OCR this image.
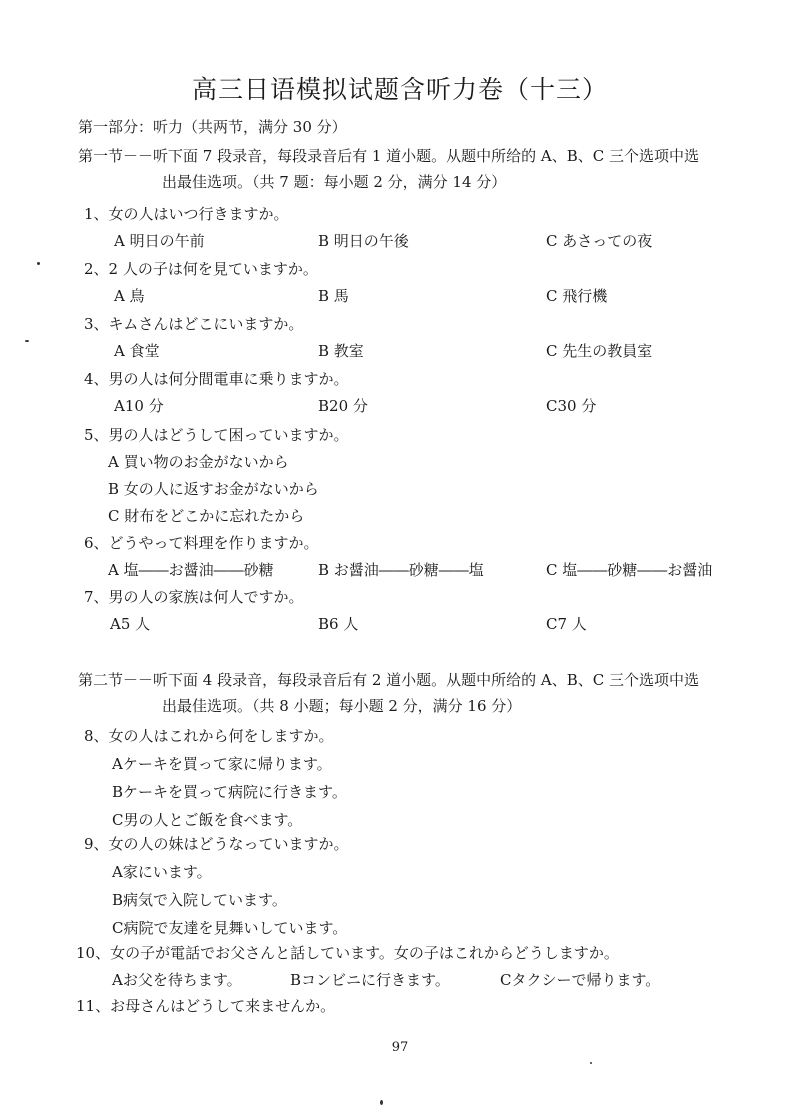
高三日语模拟试题含听力卷（十三）
第一部分：听力（共两节，满分 30 分）
第一节－－听下面 7 段录音，每段录音后有 1 道小题。从题中所给的 A、B、C 三个选项中选
出最佳选项。（共 7 题：每小题 2 分，满分 14 分）
1、女の人はいつ行きますか。
A 明日の午前	B 明日の午後	C あさっての夜
2、2 人の子は何を見ていますか。
A 鳥	B 馬	C 飛行機
3、キムさんはどこにいますか。
A 食堂	B 教室	C 先生の教員室
4、男の人は何分間電車に乗りますか。
A10 分	B20 分	C30 分
5、男の人はどうして困っていますか。
A 買い物のお金がないから
B 女の人に返すお金がないから
C 財布をどこかに忘れたから
6、どうやって料理を作りますか。
A 塩――お醤油――砂糖	B お醤油――砂糖――塩	C 塩――砂糖――お醤油
7、男の人の家族は何人ですか。
A5 人	B6 人	C7 人
第二节－－听下面 4 段录音，每段录音后有 2 道小题。从题中所给的 A、B、C 三个选项中选
出最佳选项。（共 8 小题；每小题 2 分，满分 16 分）
8、女の人はこれから何をしますか。
Aケーキを買って家に帰ります。
Bケーキを買って病院に行きます。
C男の人とご飯を食べます。
9、女の人の妹はどうなっていますか。
A家にいます。
B病気で入院しています。
C病院で友達を見舞いしています。
10、女の子が電話でお父さんと話しています。女の子はこれからどうしますか。
Aお父を待ちます。	Bコンビニに行きます。	Cタクシーで帰ります。
11、お母さんはどうして来ませんか。
97
